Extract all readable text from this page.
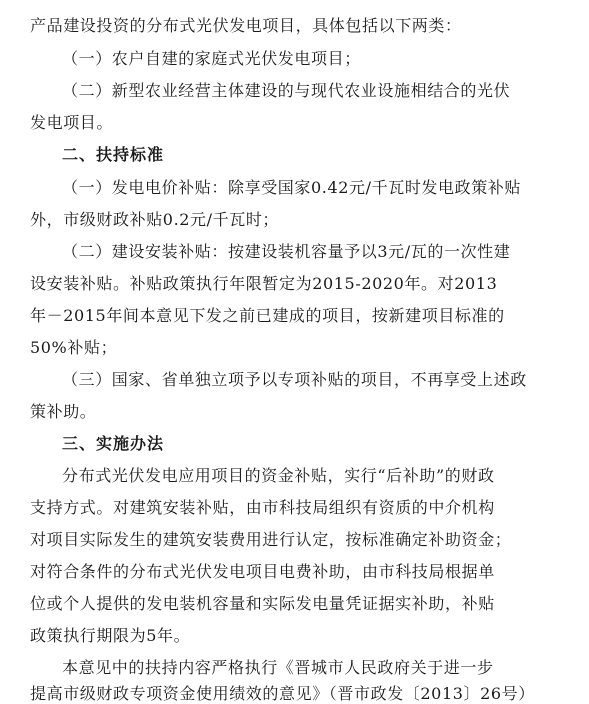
产品建设投资的分布式光伏发电项目，具体包括以下两类：
（一）农户自建的家庭式光伏发电项目；
（二）新型农业经营主体建设的与现代农业设施相结合的光伏
发电项目。
二、扶持标准
（一）发电电价补贴：除享受国家0.42元/千瓦时发电政策补贴
外，市级财政补贴0.2元/千瓦时；
（二）建设安装补贴：按建设装机容量予以3元/瓦的一次性建
设安装补贴。补贴政策执行年限暂定为2015-2020年。对2013
年－2015年间本意见下发之前已建成的项目，按新建项目标准的
50%补贴；
（三）国家、省单独立项予以专项补贴的项目，不再享受上述政
策补助。
三、实施办法
分布式光伏发电应用项目的资金补贴，实行“后补助”的财政
支持方式。对建筑安装补贴，由市科技局组织有资质的中介机构
对项目实际发生的建筑安装费用进行认定，按标准确定补助资金；
对符合条件的分布式光伏发电项目电费补助，由市科技局根据单
位或个人提供的发电装机容量和实际发电量凭证据实补助，补贴
政策执行期限为5年。
本意见中的扶持内容严格执行《晋城市人民政府关于进一步
提高市级财政专项资金使用绩效的意见》（晋市政发〔2013〕26号）
